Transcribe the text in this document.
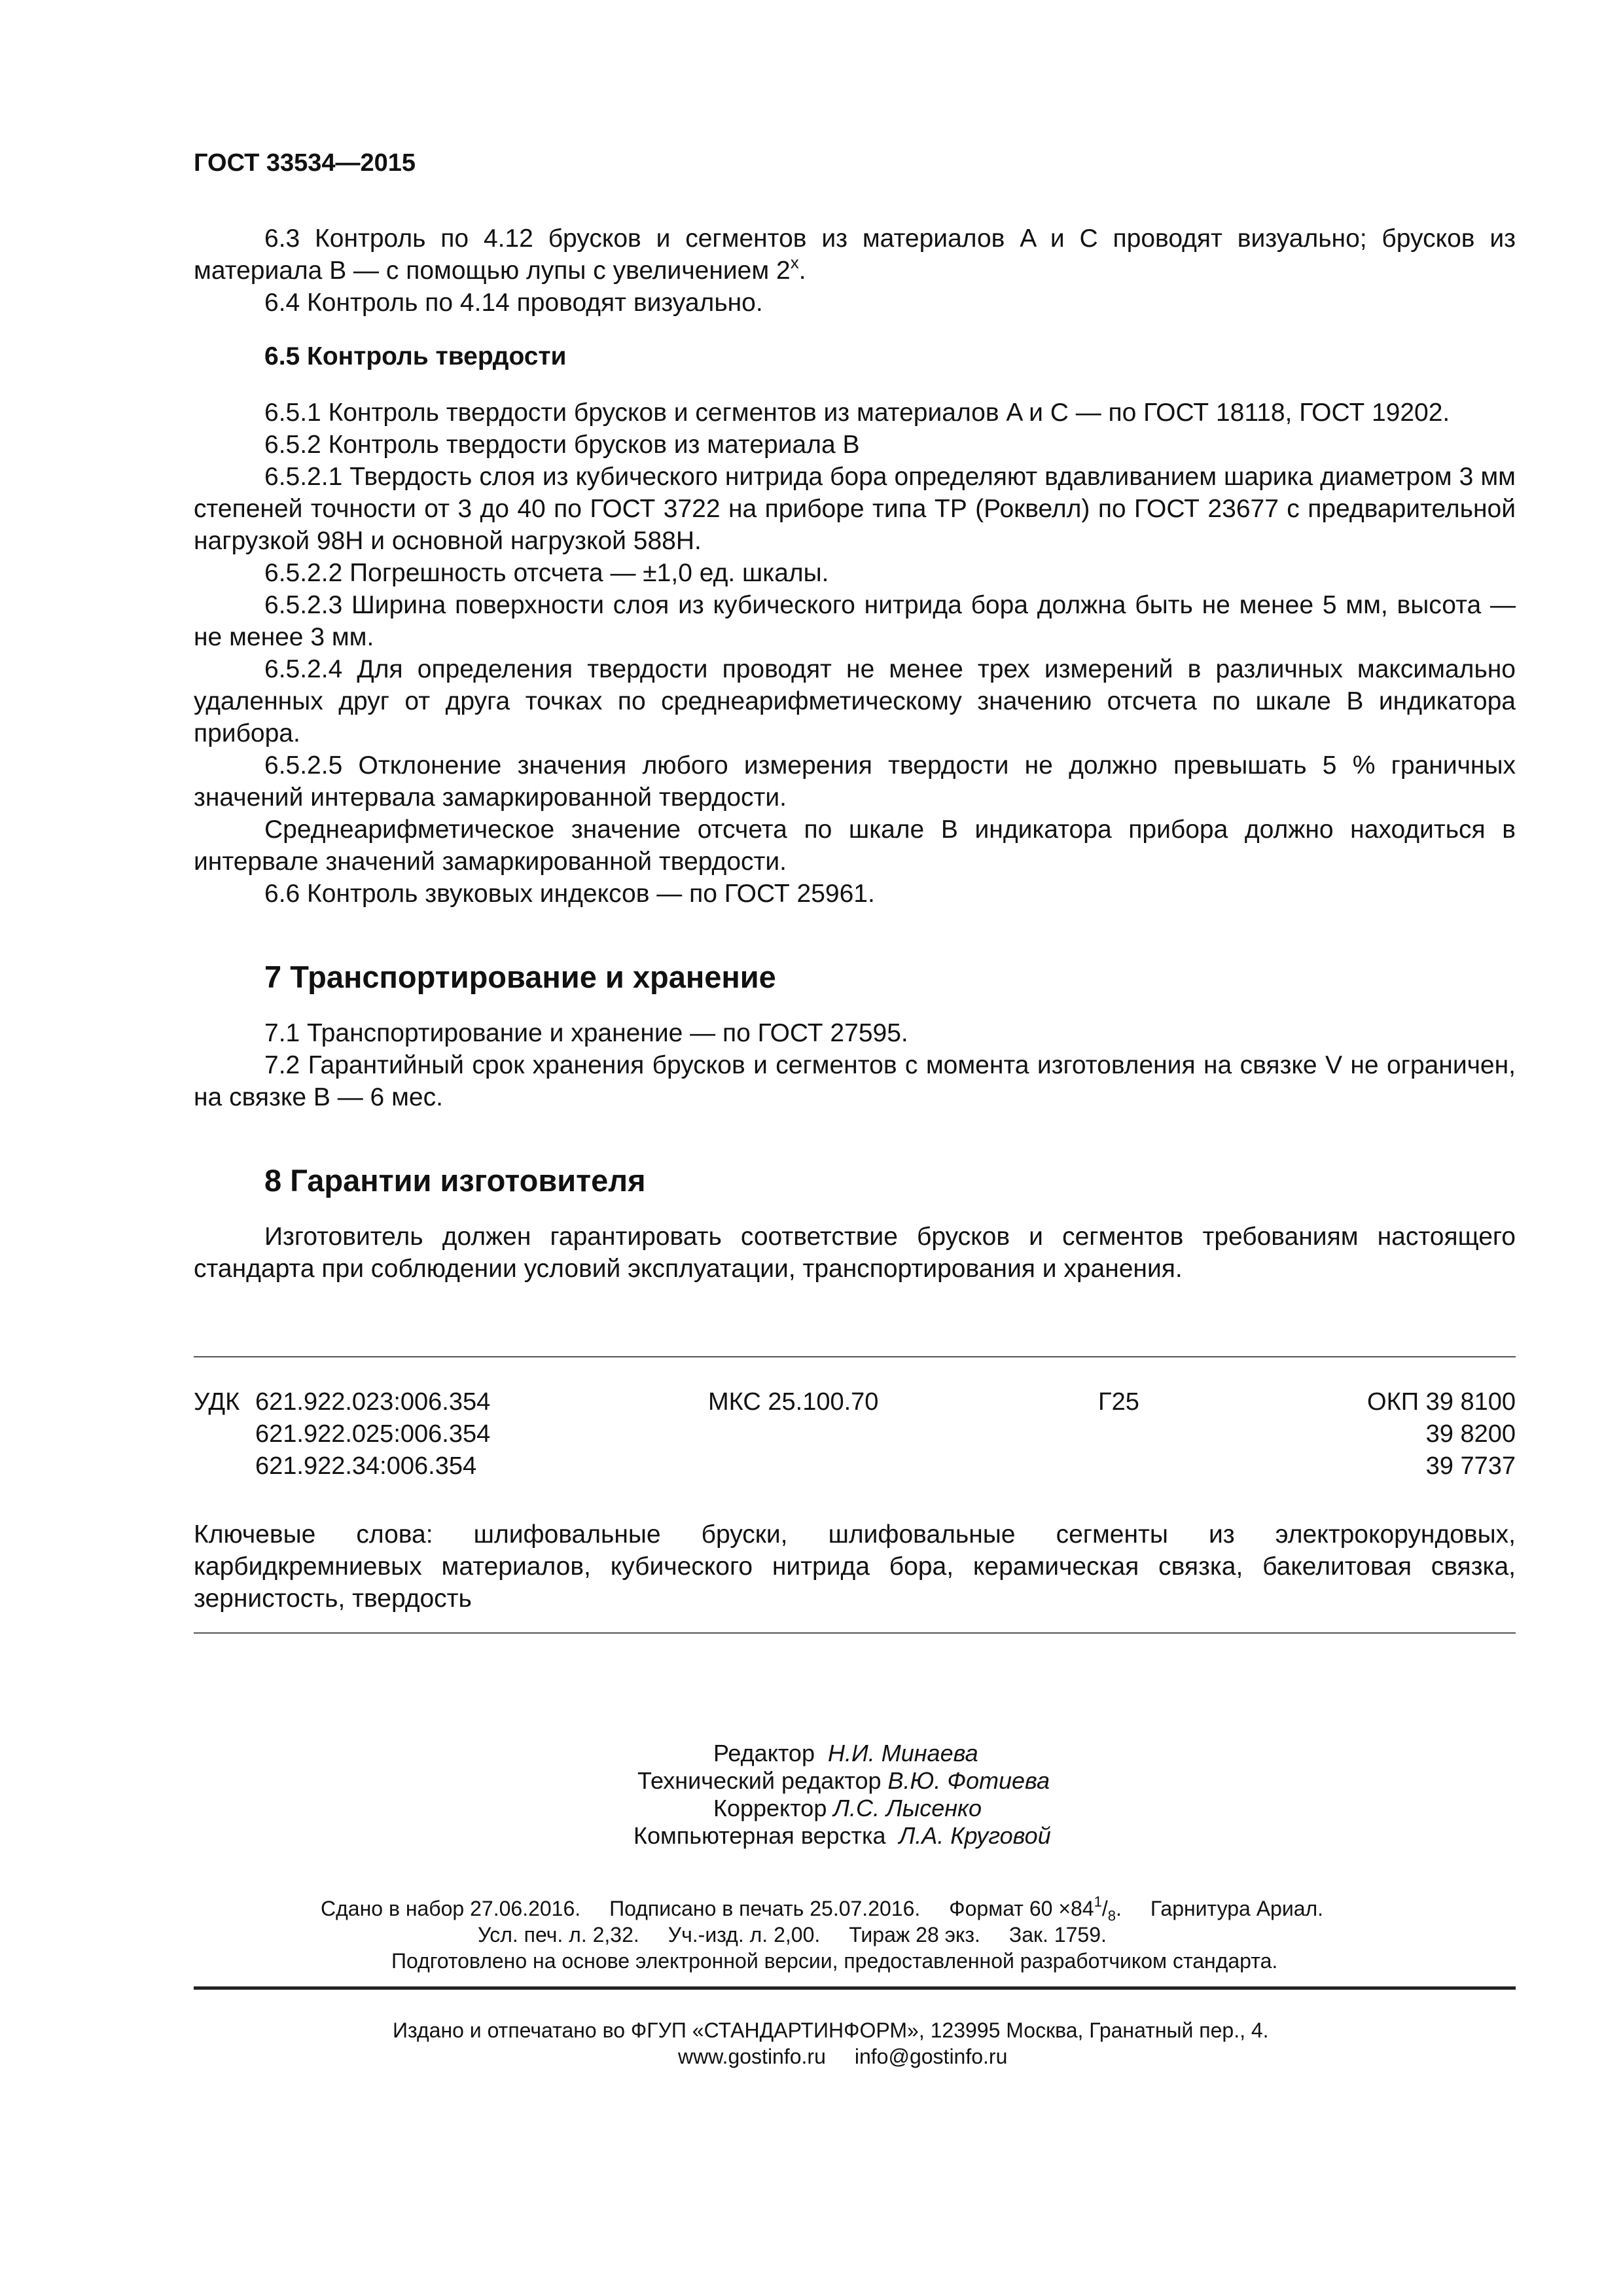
ГОСТ 33534—2015

6.3 Контроль по 4.12 брусков и сегментов из материалов A и C проводят визуально; брусков из материала B — с помощью лупы с увеличением 2$^x$.

6.4 Контроль по 4.14 проводят визуально.

6.5 Контроль твердости

6.5.1 Контроль твердости брусков и сегментов из материалов A и C — по ГОСТ 18118, ГОСТ 19202.

6.5.2 Контроль твердости брусков из материала B

6.5.2.1 Твердость слоя из кубического нитрида бора определяют вдавливанием шарика диаметром 3 мм степеней точности от 3 до 40 по ГОСТ 3722 на приборе типа ТР (Роквелл) по ГОСТ 23677 с предварительной нагрузкой 98Н и основной нагрузкой 588Н.

6.5.2.2 Погрешность отсчета — ±1,0 ед. шкалы.

6.5.2.3 Ширина поверхности слоя из кубического нитрида бора должна быть не менее 5 мм, высота — не менее 3 мм.

6.5.2.4 Для определения твердости проводят не менее трех измерений в различных максимально удаленных друг от друга точках по среднеарифметическому значению отсчета по шкале B индикатора прибора.

6.5.2.5 Отклонение значения любого измерения твердости не должно превышать 5 % граничных значений интервала замаркированной твердости.

Среднеарифметическое значение отсчета по шкале B индикатора прибора должно находиться в интервале значений замаркированной твердости.

6.6 Контроль звуковых индексов — по ГОСТ 25961.

7 Транспортирование и хранение

7.1 Транспортирование и хранение — по ГОСТ 27595.

7.2 Гарантийный срок хранения брусков и сегментов с момента изготовления на связке V не ограничен, на связке B — 6 мес.

8 Гарантии изготовителя

Изготовитель должен гарантировать соответствие брусков и сегментов требованиям настоящего стандарта при соблюдении условий эксплуатации, транспортирования и хранения.

УДК 621.922.023:006.354
621.922.025:006.354
621.922.34:006.354
МКС 25.100.70	Г25	ОКП 39 8100
39 8200
39 7737
Ключевые слова: шлифовальные бруски, шлифовальные сегменты из электрокорундовых, карбидкремниевых материалов, кубического нитрида бора, керамическая связка, бакелитовая связка, зернистость, твердость
Редактор Н.И. Минаева
Технический редактор В.Ю. Фотиева
Корректор Л.С. Лысенко
Компьютерная верстка Л.А. Круговой
Сдано в набор 27.06.2016. Подписано в печать 25.07.2016. Формат $60 \times 84^1/_8$. Гарнитура Ариал.
Усл. печ. л. 2,32. Уч.-изд. л. 2,00. Тираж 28 экз. Зак. 1759.
Подготовлено на основе электронной версии, предоставленной разработчиком стандарта.
Издано и отпечатано во ФГУП «СТАНДАРТИНФОРМ», 123995 Москва, Гранатный пер., 4.
www.gostinfo.ru info@gostinfo.ru
